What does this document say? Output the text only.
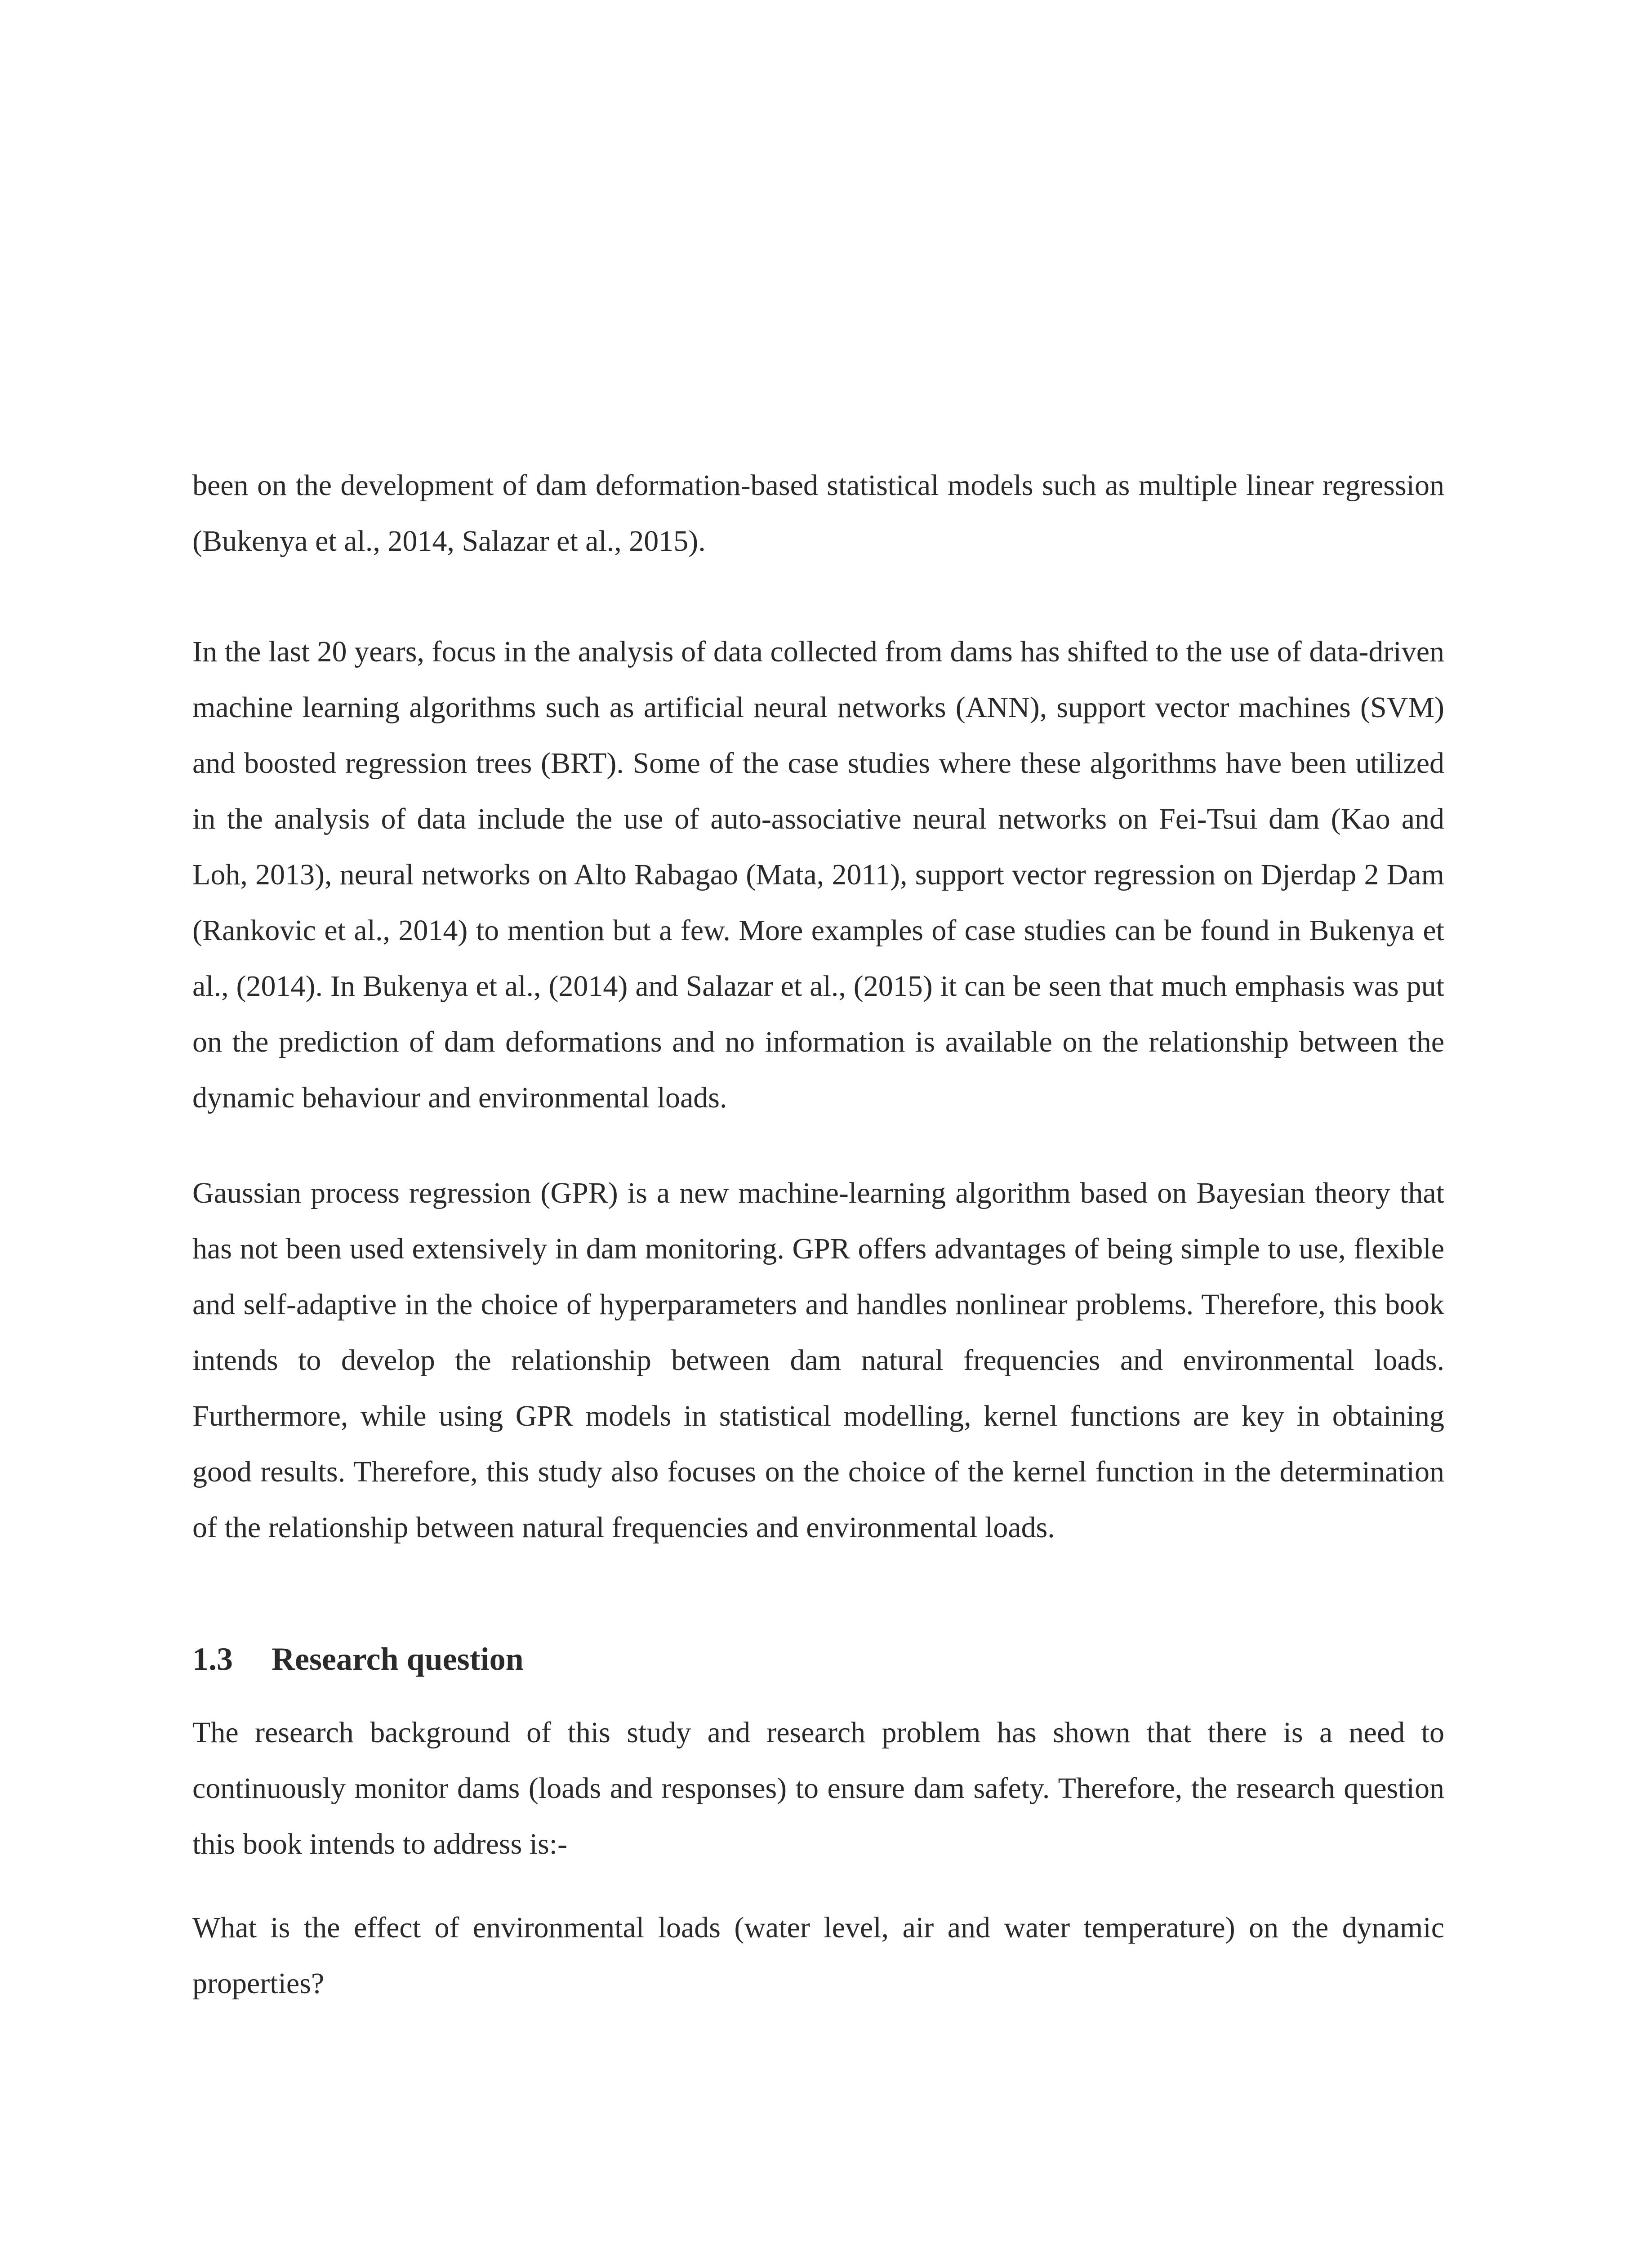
been on the development of dam deformation-based statistical models such as multiple linear regression (Bukenya et al., 2014, Salazar et al., 2015).

In the last 20 years, focus in the analysis of data collected from dams has shifted to the use of data-driven machine learning algorithms such as artificial neural networks (ANN), support vector machines (SVM) and boosted regression trees (BRT). Some of the case studies where these algorithms have been utilized in the analysis of data include the use of auto-associative neural networks on Fei-Tsui dam (Kao and Loh, 2013), neural networks on Alto Rabagao (Mata, 2011), support vector regression on Djerdap 2 Dam (Rankovic et al., 2014) to mention but a few. More examples of case studies can be found in Bukenya et al., (2014). In Bukenya et al., (2014) and Salazar et al., (2015) it can be seen that much emphasis was put on the prediction of dam deformations and no information is available on the relationship between the dynamic behaviour and environmental loads.

Gaussian process regression (GPR) is a new machine-learning algorithm based on Bayesian theory that has not been used extensively in dam monitoring. GPR offers advantages of being simple to use, flexible and self-adaptive in the choice of hyperparameters and handles nonlinear problems. Therefore, this book intends to develop the relationship between dam natural frequencies and environmental loads. Furthermore, while using GPR models in statistical modelling, kernel functions are key in obtaining good results. Therefore, this study also focuses on the choice of the kernel function in the determination of the relationship between natural frequencies and environmental loads.

1.3 Research question

The research background of this study and research problem has shown that there is a need to continuously monitor dams (loads and responses) to ensure dam safety. Therefore, the research question this book intends to address is:-

What is the effect of environmental loads (water level, air and water temperature) on the dynamic properties?
